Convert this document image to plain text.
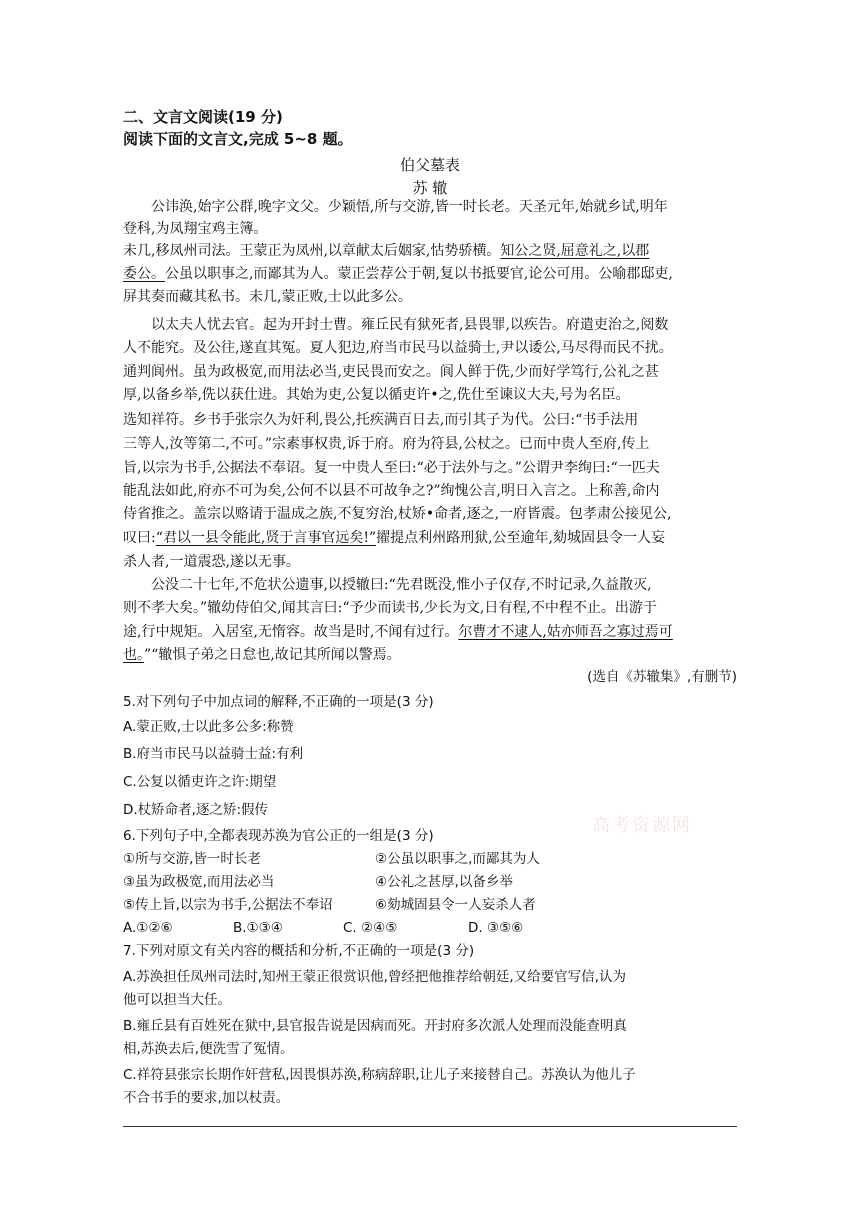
二、文言文阅读(19 分)
阅读下面的文言文,完成 5~8 题。
伯父墓表
苏 辙
公讳涣,始字公群,晚字文父。少颖悟,所与交游,皆一时长老。天圣元年,始就乡试,明年
登科,为凤翔宝鸡主簿。
未几,移凤州司法。王蒙正为凤州,以章献太后姻家,怙势骄横。知公之贤,屈意礼之,以郡
委公。公虽以职事之,而鄙其为人。蒙正尝荐公于朝,复以书抵要官,论公可用。公喻郡邸吏,
屏其奏而藏其私书。未几,蒙正败,士以此多公。
以太夫人忧去官。起为开封士曹。雍丘民有狱死者,县畏罪,以疾告。府遣吏治之,阅数
人不能究。及公往,遂直其冤。夏人犯边,府当市民马以益骑士,尹以诿公,马尽得而民不扰。
通判阆州。虽为政极宽,而用法必当,吏民畏而安之。阆人鲜于侁,少而好学笃行,公礼之甚
厚,以备乡举,侁以获仕进。其始为吏,公复以循吏许•之,侁仕至谏议大夫,号为名臣。
选知祥符。乡书手张宗久为奸利,畏公,托疾满百日去,而引其子为代。公曰:“书手法用
三等人,汝等第二,不可。”宗素事权贵,诉于府。府为符县,公杖之。已而中贵人至府,传上
旨,以宗为书手,公据法不奉诏。复一中贵人至曰:“必于法外与之。”公谓尹李绚曰:“一匹夫
能乱法如此,府亦不可为矣,公何不以县不可故争之?”绚愧公言,明日入言之。上称善,命内
侍省推之。盖宗以赂请于温成之族,不复穷治,杖矫•命者,逐之,一府皆震。包孝肃公接见公,
叹曰:“君以一县令能此,贤于言事官远矣!”擢提点利州路刑狱,公至逾年,劾城固县令一人妄
杀人者,一道震恐,遂以无事。
公没二十七年,不危状公遗事,以授辙曰:“先君既没,惟小子仅存,不时记录,久益散灭,
则不孝大矣。”辙幼侍伯父,闻其言曰:“予少而读书,少长为文,日有程,不中程不止。出游于
途,行中规矩。入居室,无惰容。故当是时,不闻有过行。尔曹才不逮人,姑亦师吾之寡过焉可
也。”“辙惧子弟之日怠也,故记其所闻以警焉。
(选自《苏辙集》,有删节)
5.对下列句子中加点词的解释,不正确的一项是(3 分)
A.蒙正败,士以此多公多:称赞
B.府当市民马以益骑士益:有利
C.公复以循吏许之许:期望
D.杖矫命者,逐之矫:假传
高考资源网
6.下列句子中,全都表现苏涣为官公正的一组是(3 分)
①所与交游,皆一时长老	②公虽以职事之,而鄙其为人
③虽为政极宽,而用法必当	④公礼之甚厚,以备乡举
⑤传上旨,以宗为书手,公据法不奉诏	⑥劾城固县令一人妄杀人者
A.①②⑥	B.①③④	C. ②④⑤	D. ③⑤⑥
7.下列对原文有关内容的概括和分析,不正确的一项是(3 分)
A.苏涣担任凤州司法时,知州王蒙正很赏识他,曾经把他推荐给朝廷,又给要官写信,认为
他可以担当大任。
B.雍丘县有百姓死在狱中,县官报告说是因病而死。开封府多次派人处理而没能查明真
相,苏涣去后,便洗雪了冤情。
C.祥符县张宗长期作奸营私,因畏惧苏涣,称病辞职,让儿子来接替自己。苏涣认为他儿子
不合书手的要求,加以杖责。
